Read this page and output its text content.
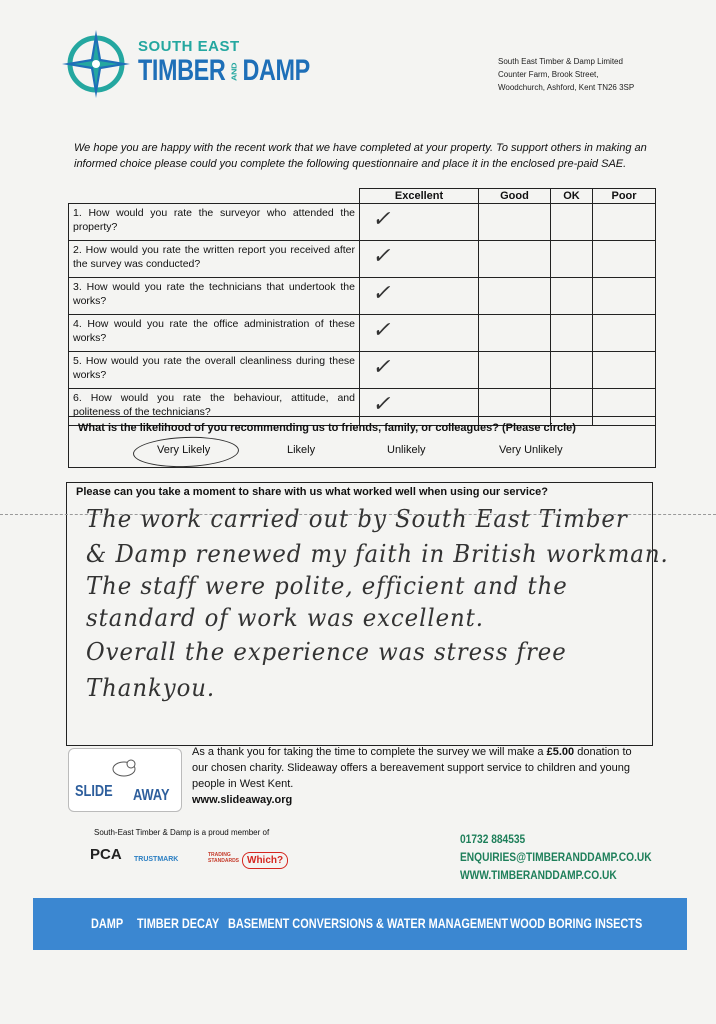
SOUTH EAST
TIMBER AND DAMP	South East Timber & Damp Limited
Counter Farm, Brook Street,
Woodchurch, Ashford, Kent TN26 3SP
We hope you are happy with the recent work that we have completed at your property. To support others in making an informed choice please could you complete the following questionnaire and place it in the enclosed pre-paid SAE.
	Excellent	Good	OK	Poor
1. How would you rate the surveyor who attended the property?	✓			

2. How would you rate the written report you received after the survey was conducted?	✓			

3. How would you rate the technicians that undertook the works?	✓			

4. How would you rate the office administration of these works?	✓			

5. How would you rate the overall cleanliness during these works?	✓			

6. How would you rate the behaviour, attitude, and politeness of the technicians?	✓			

What is the likelihood of you recommending us to friends, family, or colleagues? (Please circle)
Very Likely	Likely	Unlikely	Very Unlikely
Please can you take a moment to share with us what worked well when using our service?
The work carried out by South East Timber
& Damp renewed my faith in British workman.
The staff were polite, efficient and the
standard of work was excellent.
Overall the experience was stress free
Thankyou.
SLIDE AWAY
As a thank you for taking the time to complete the survey we will make a £5.00 donation to our chosen charity. Slideaway offers a bereavement support service to children and young people in West Kent.
www.slideaway.org
South-East Timber & Damp is a proud member of
PCA TRUSTMARK
TRADING STANDARDS Which?
01732 884535
ENQUIRIES@TIMBERANDDAMP.CO.UK
WWW.TIMBERANDDAMP.CO.UK
DAMP TIMBER DECAY BASEMENT CONVERSIONS & WATER MANAGEMENT WOOD BORING INSECTS
